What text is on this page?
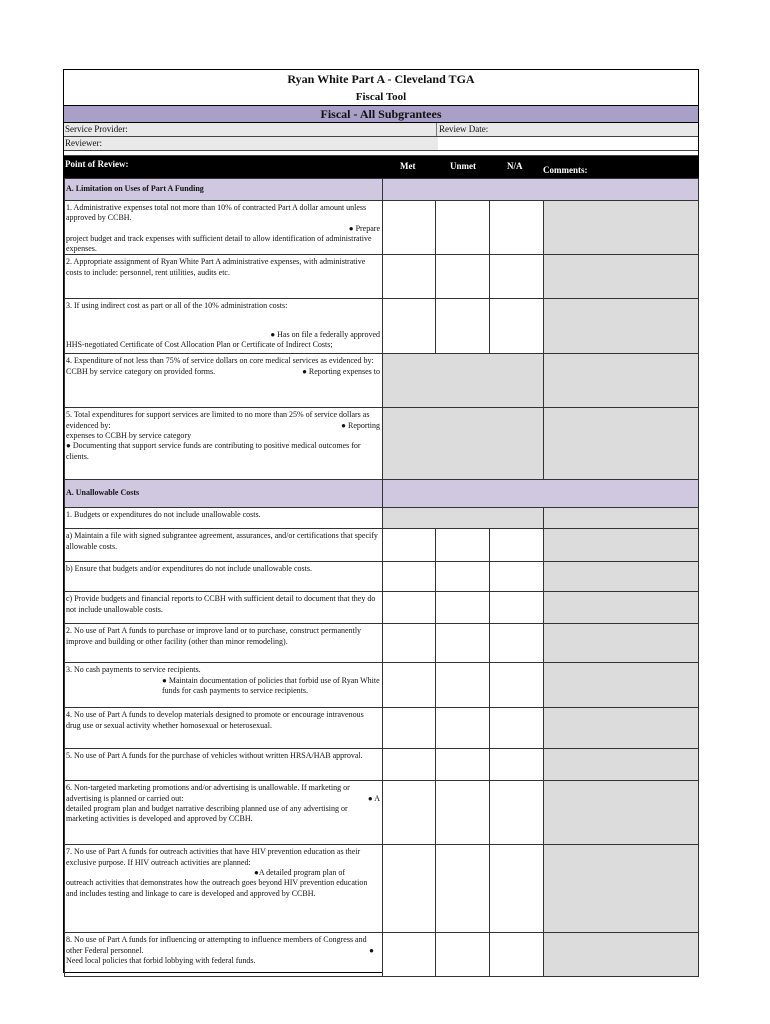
Ryan White Part A - Cleveland TGA
Fiscal Tool
Fiscal - All Subgrantees
Service Provider:	Review Date:
Reviewer:
Point of Review:	Met	Unmet	N/A Comments:
A. Limitation on Uses of Part A Funding				
1. Administrative expenses total not more than 10% of contracted Part A dollar amount unless approved by CCBH.
● Prepare
project budget and track expenses with sufficient detail to allow identification of administrative expenses.				
2. Appropriate assignment of Ryan White Part A administrative expenses, with administrative costs to include: personnel, rent utilities, audits etc.				
3. If using indirect cost as part or all of the 10% administration costs:
● Has on file a federally approved
HHS-negotiated Certificate of Cost Allocation Plan or Certificate of Indirect Costs;				
4. Expenditure of not less than 75% of service dollars on core medical services as evidenced by:
● Reporting expenses to
CCBH by service category on provided forms.				

5. Total expenditures for support services are limited to no more than 25% of service dollars as evidenced by: ● Reporting
expenses to CCBH by service category
● Documenting that support service funds are contributing to positive medical outcomes for clients.				

A. Unallowable Costs				
1. Budgets or expenditures do not include unallowable costs.				
a) Maintain a file with signed subgrantee agreement, assurances, and/or certifications that specify allowable costs.				
b) Ensure that budgets and/or expenditures do not include unallowable costs.				
c) Provide budgets and financial reports to CCBH with sufficient detail to document that they do not include unallowable costs.				
2. No use of Part A funds to purchase or improve land or to purchase, construct permanently improve and building or other facility (other than minor remodeling).				

3. No cash payments to service recipients.
● Maintain documentation of policies that forbid use of Ryan White funds for cash payments to service recipients.				

4. No use of Part A funds to develop materials designed to promote or encourage intravenous drug use or sexual activity whether homosexual or heterosexual.				
5. No use of Part A funds for the purchase of vehicles without written HRSA/HAB approval.				
6. Non-targeted marketing promotions and/or advertising is unallowable. If marketing or advertising is planned or carried out: ● A
detailed program plan and budget narrative describing planned use of any advertising or marketing activities is developed and approved by CCBH.				

7. No use of Part A funds for outreach activities that have HIV prevention education as their exclusive purpose. If HIV outreach activities are planned:
●A detailed program plan of
outreach activities that demonstrates how the outreach goes beyond HIV prevention education and includes testing and linkage to care is developed and approved by CCBH.				

8. No use of Part A funds for influencing or attempting to influence members of Congress and other Federal personnel. ●
Need local policies that forbid lobbying with federal funds.				
